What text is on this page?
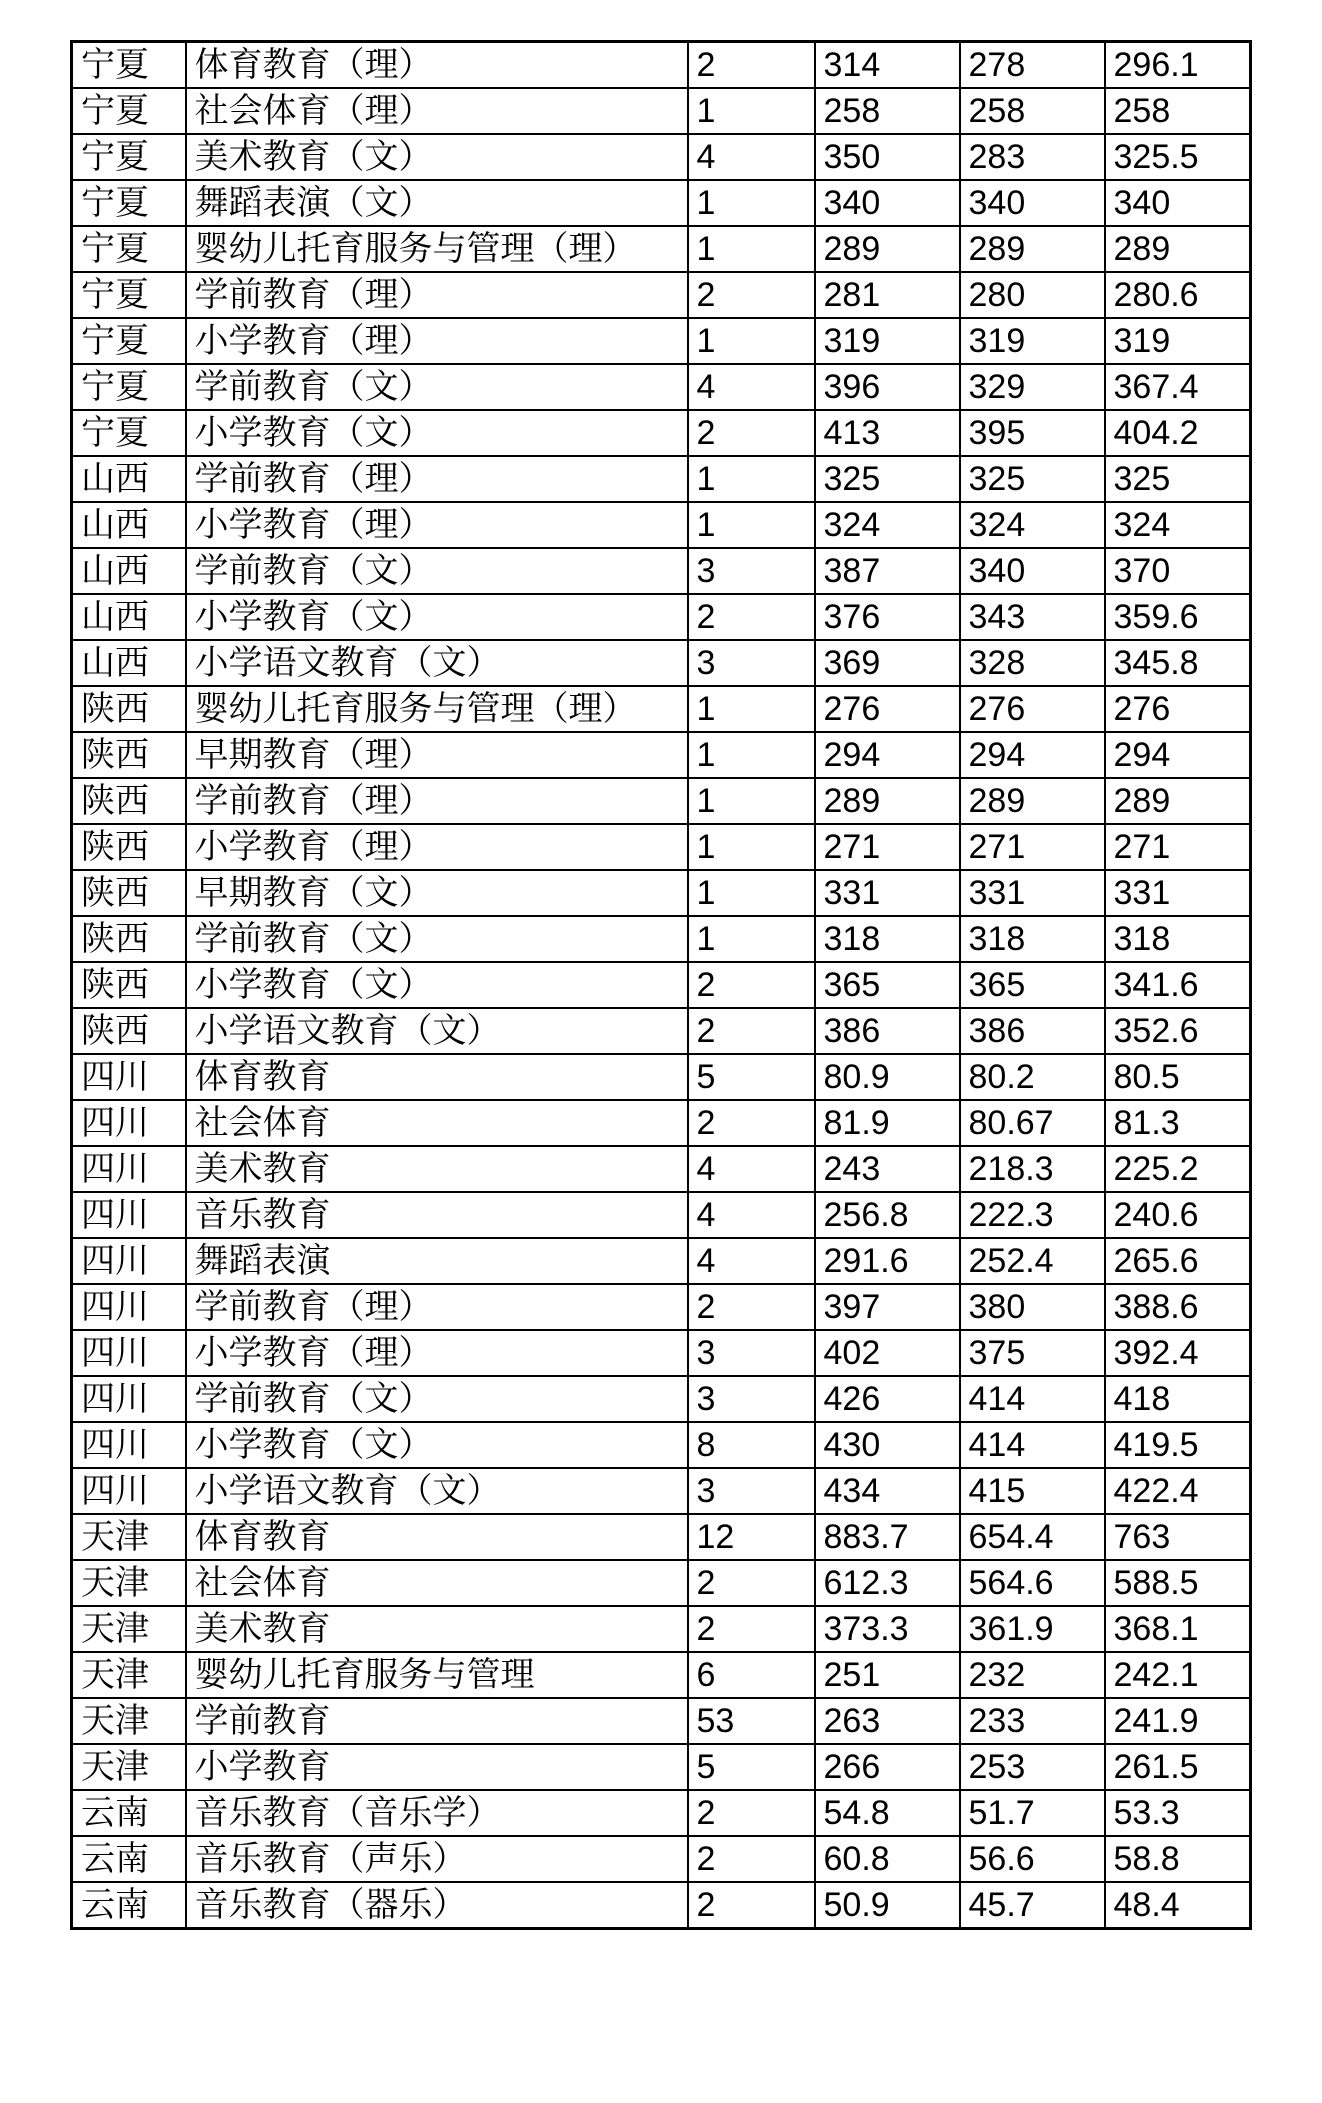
宁夏	体育教育（理）	2	314	278	296.1
宁夏	社会体育（理）	1	258	258	258
宁夏	美术教育（文）	4	350	283	325.5
宁夏	舞蹈表演（文）	1	340	340	340
宁夏	婴幼儿托育服务与管理（理）	1	289	289	289
宁夏	学前教育（理）	2	281	280	280.6
宁夏	小学教育（理）	1	319	319	319
宁夏	学前教育（文）	4	396	329	367.4
宁夏	小学教育（文）	2	413	395	404.2
山西	学前教育（理）	1	325	325	325
山西	小学教育（理）	1	324	324	324
山西	学前教育（文）	3	387	340	370
山西	小学教育（文）	2	376	343	359.6
山西	小学语文教育（文）	3	369	328	345.8
陕西	婴幼儿托育服务与管理（理）	1	276	276	276
陕西	早期教育（理）	1	294	294	294
陕西	学前教育（理）	1	289	289	289
陕西	小学教育（理）	1	271	271	271
陕西	早期教育（文）	1	331	331	331
陕西	学前教育（文）	1	318	318	318
陕西	小学教育（文）	2	365	365	341.6
陕西	小学语文教育（文）	2	386	386	352.6
四川	体育教育	5	80.9	80.2	80.5
四川	社会体育	2	81.9	80.67	81.3
四川	美术教育	4	243	218.3	225.2
四川	音乐教育	4	256.8	222.3	240.6
四川	舞蹈表演	4	291.6	252.4	265.6
四川	学前教育（理）	2	397	380	388.6
四川	小学教育（理）	3	402	375	392.4
四川	学前教育（文）	3	426	414	418
四川	小学教育（文）	8	430	414	419.5
四川	小学语文教育（文）	3	434	415	422.4
天津	体育教育	12	883.7	654.4	763
天津	社会体育	2	612.3	564.6	588.5
天津	美术教育	2	373.3	361.9	368.1
天津	婴幼儿托育服务与管理	6	251	232	242.1
天津	学前教育	53	263	233	241.9
天津	小学教育	5	266	253	261.5
云南	音乐教育（音乐学）	2	54.8	51.7	53.3
云南	音乐教育（声乐）	2	60.8	56.6	58.8
云南	音乐教育（器乐）	2	50.9	45.7	48.4
